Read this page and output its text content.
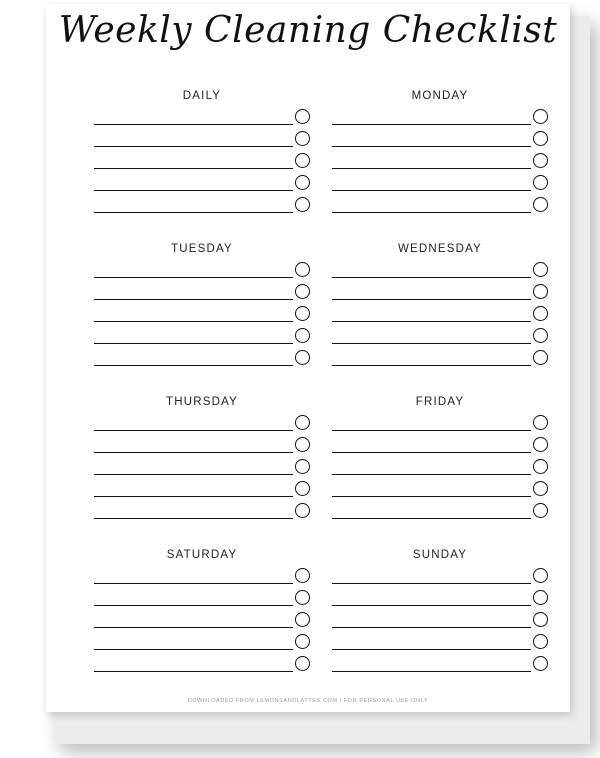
Weekly Cleaning Checklist
DAILY	MONDAY
TUESDAY	WEDNESDAY
THURSDAY	FRIDAY
SATURDAY	SUNDAY
DOWNLOADED FROM LEMONSANDLATTES.COM | FOR PERSONAL USE ONLY
